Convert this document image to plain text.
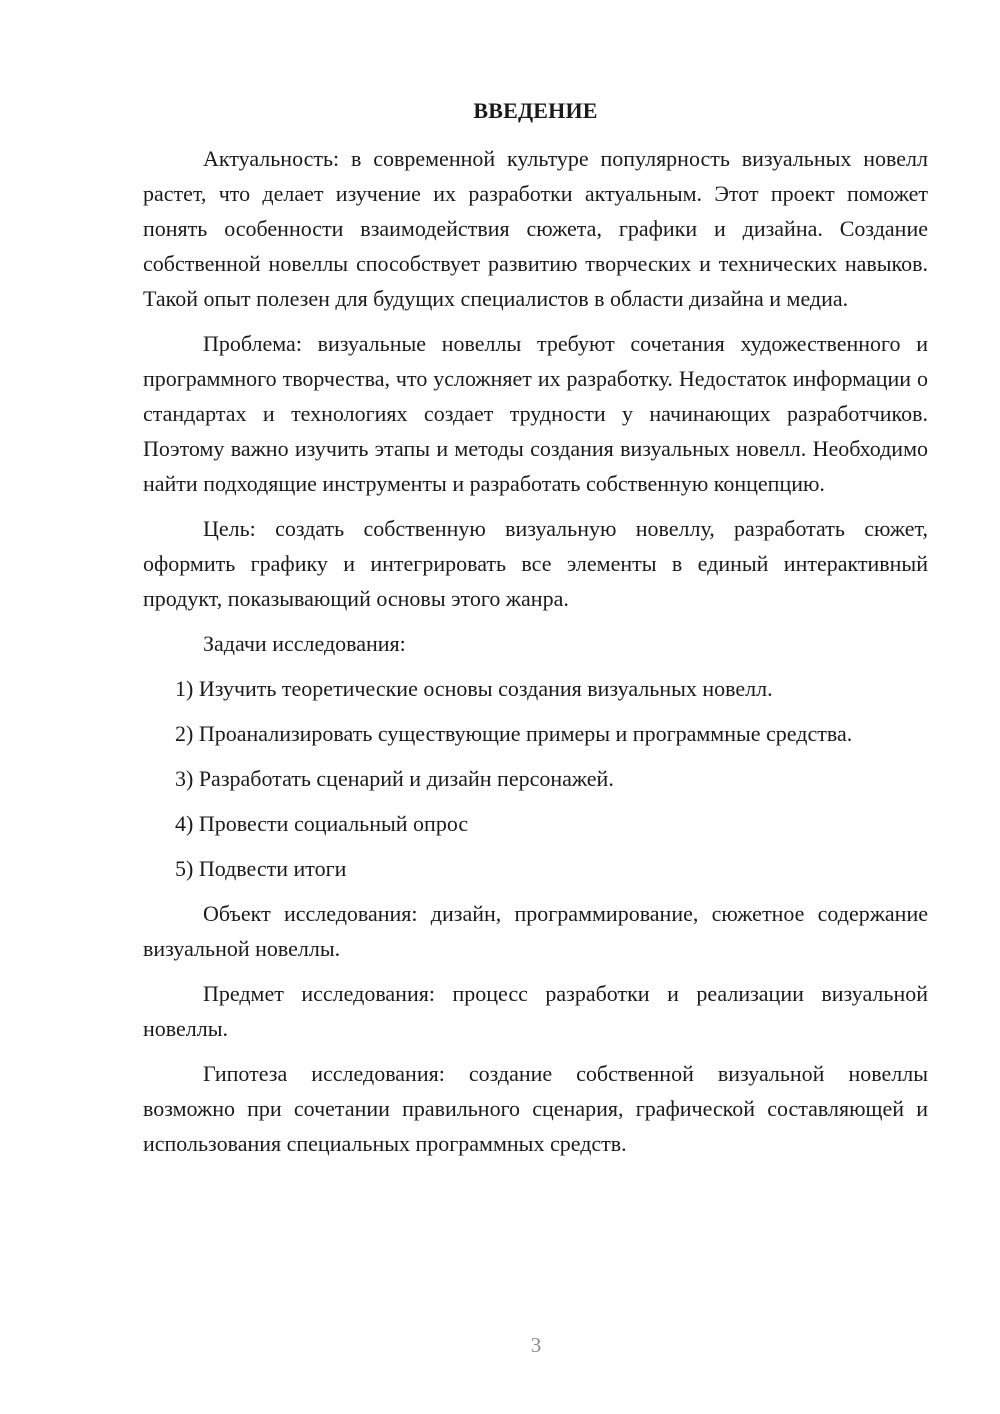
ВВЕДЕНИЕ

Актуальность: в современной культуре популярность визуальных новелл растет, что делает изучение их разработки актуальным. Этот проект поможет понять особенности взаимодействия сюжета, графики и дизайна. Создание собственной новеллы способствует развитию творческих и технических навыков. Такой опыт полезен для будущих специалистов в области дизайна и медиа.

Проблема: визуальные новеллы требуют сочетания художественного и программного творчества, что усложняет их разработку. Недостаток информации о стандартах и технологиях создает трудности у начинающих разработчиков. Поэтому важно изучить этапы и методы создания визуальных новелл. Необходимо найти подходящие инструменты и разработать собственную концепцию.

Цель: создать собственную визуальную новеллу, разработать сюжет, оформить графику и интегрировать все элементы в единый интерактивный продукт, показывающий основы этого жанра.

Задачи исследования:

1) Изучить теоретические основы создания визуальных новелл.

2) Проанализировать существующие примеры и программные средства.

3) Разработать сценарий и дизайн персонажей.

4) Провести социальный опрос

5) Подвести итоги

Объект исследования: дизайн, программирование, сюжетное содержание визуальной новеллы.

Предмет исследования: процесс разработки и реализации визуальной новеллы.

Гипотеза исследования: создание собственной визуальной новеллы возможно при сочетании правильного сценария, графической составляющей и использования специальных программных средств.

3
